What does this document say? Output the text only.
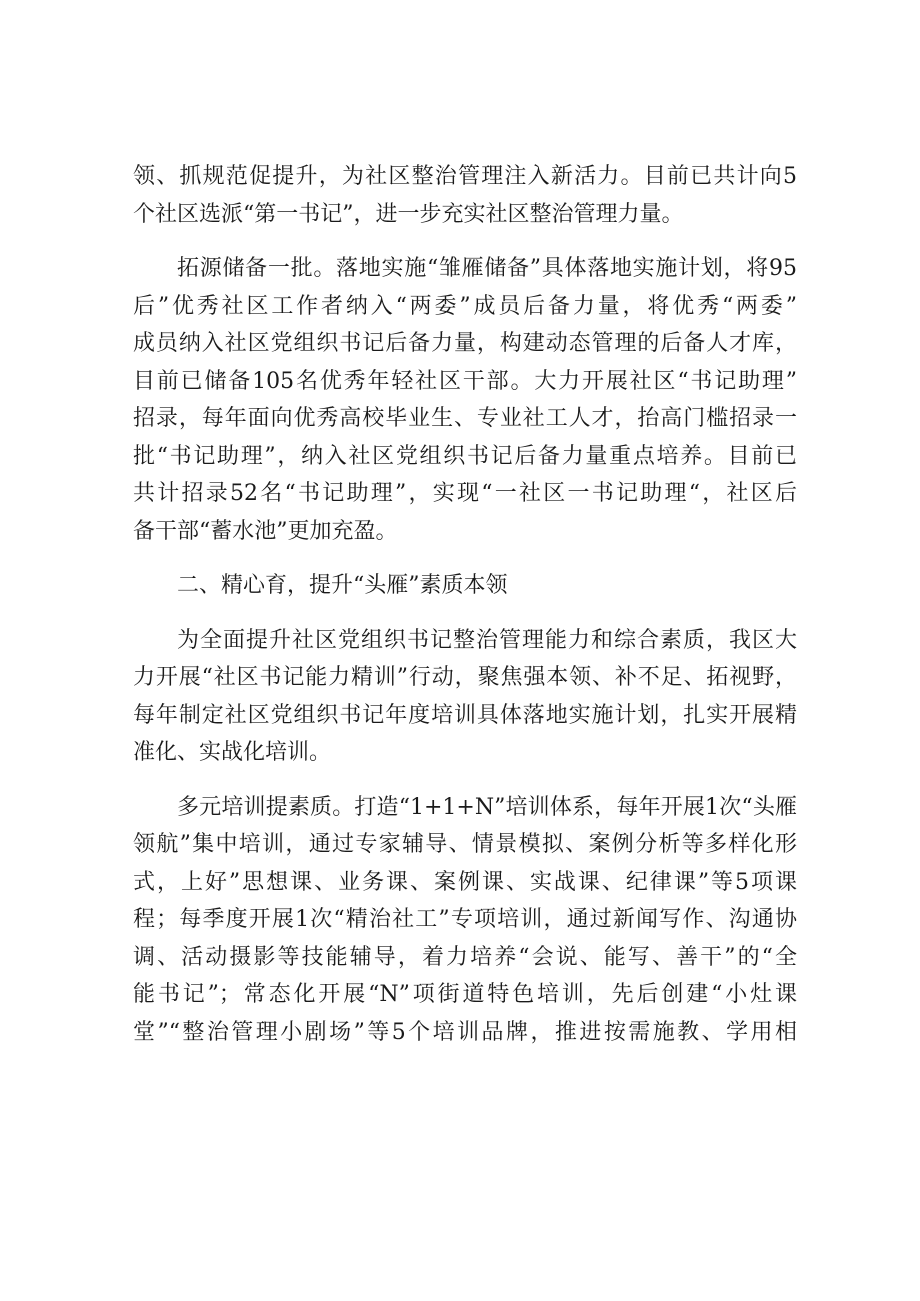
领、抓规范促提升，为社区整治管理注入新活力。目前已共计向5
个社区选派“第一书记”，进一步充实社区整治管理力量。
拓源储备一批。落地实施“雏雁储备”具体落地实施计划，将95
后”优秀社区工作者纳入“两委”成员后备力量，将优秀“两委”
成员纳入社区党组织书记后备力量，构建动态管理的后备人才库，
目前已储备105名优秀年轻社区干部。大力开展社区“书记助理”
招录，每年面向优秀高校毕业生、专业社工人才，抬高门槛招录一
批“书记助理”，纳入社区党组织书记后备力量重点培养。目前已
共计招录52名“书记助理”，实现“一社区一书记助理“，社区后
备干部“蓄水池”更加充盈。
二、精心育，提升“头雁”素质本领
为全面提升社区党组织书记整治管理能力和综合素质，我区大
力开展“社区书记能力精训”行动，聚焦强本领、补不足、拓视野，
每年制定社区党组织书记年度培训具体落地实施计划，扎实开展精
准化、实战化培训。
多元培训提素质。打造“1+1+N”培训体系，每年开展1次“头雁
领航”集中培训，通过专家辅导、情景模拟、案例分析等多样化形
式，上好”思想课、业务课、案例课、实战课、纪律课”等5项课
程；每季度开展1次“精治社工”专项培训，通过新闻写作、沟通协
调、活动摄影等技能辅导，着力培养“会说、能写、善干”的“全
能书记”；常态化开展“N”项街道特色培训，先后创建“小灶课
堂”“整治管理小剧场”等5个培训品牌，推进按需施教、学用相
